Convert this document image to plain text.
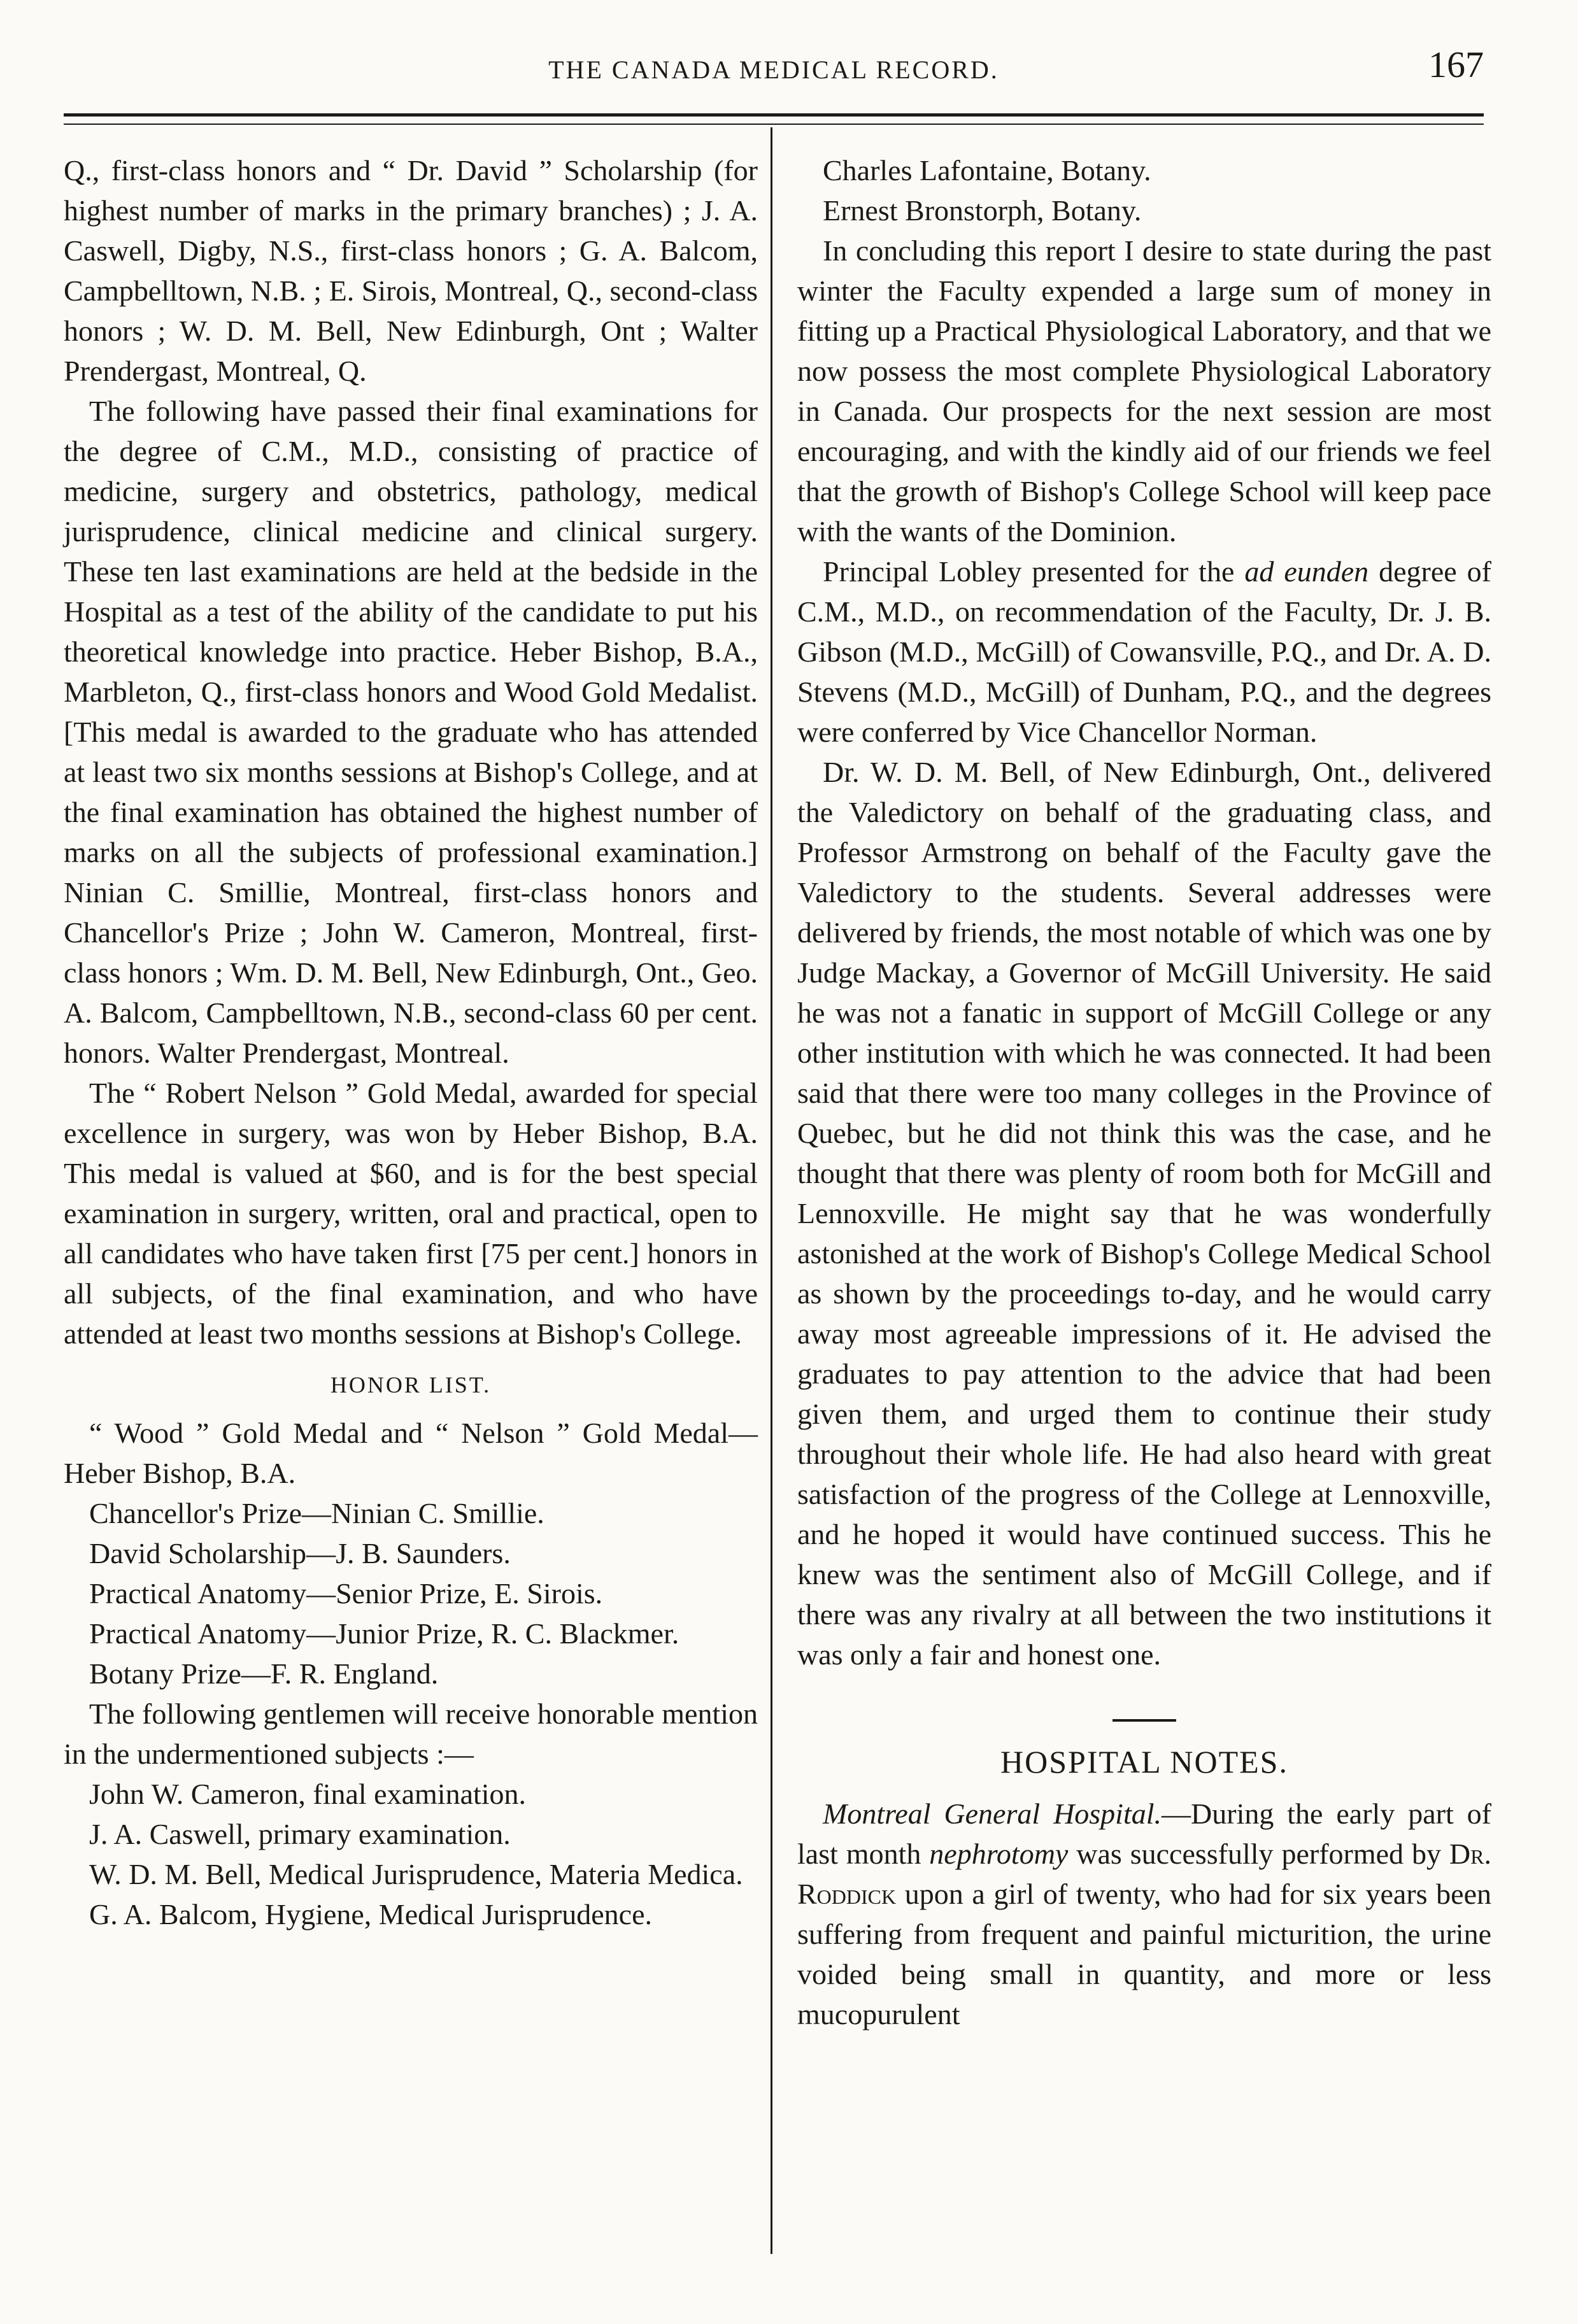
THE CANADA MEDICAL RECORD.	167

Q., first-class honors and “ Dr. David ” Scholarship (for highest number of marks in the primary branches) ; J. A. Caswell, Digby, N.S., first-class honors ; G. A. Balcom, Campbelltown, N.B. ; E. Sirois, Montreal, Q., second-class honors ; W. D. M. Bell, New Edinburgh, Ont ; Walter Prendergast, Montreal, Q.

The following have passed their final examinations for the degree of C.M., M.D., consisting of practice of medicine, surgery and obstetrics, pathology, medical jurisprudence, clinical medicine and clinical surgery. These ten last examinations are held at the bedside in the Hospital as a test of the ability of the candidate to put his theoretical knowledge into practice. Heber Bishop, B.A., Marbleton, Q., first-class honors and Wood Gold Medalist. [This medal is awarded to the graduate who has attended at least two six months sessions at Bishop's College, and at the final examination has obtained the highest number of marks on all the subjects of professional examination.] Ninian C. Smillie, Montreal, first-class honors and Chancellor's Prize ; John W. Cameron, Montreal, first-class honors ; Wm. D. M. Bell, New Edinburgh, Ont., Geo. A. Balcom, Campbelltown, N.B., second-class 60 per cent. honors. Walter Prendergast, Montreal.

The “ Robert Nelson ” Gold Medal, awarded for special excellence in surgery, was won by Heber Bishop, B.A. This medal is valued at $60, and is for the best special examination in surgery, written, oral and practical, open to all candidates who have taken first [75 per cent.] honors in all subjects, of the final examination, and who have attended at least two months sessions at Bishop's College.

HONOR LIST.

“ Wood ” Gold Medal and “ Nelson ” Gold Medal—Heber Bishop, B.A.

Chancellor's Prize—Ninian C. Smillie.

David Scholarship—J. B. Saunders.

Practical Anatomy—Senior Prize, E. Sirois.

Practical Anatomy—Junior Prize, R. C. Blackmer.

Botany Prize—F. R. England.

The following gentlemen will receive honorable mention in the undermentioned subjects :—

John W. Cameron, final examination.

J. A. Caswell, primary examination.

W. D. M. Bell, Medical Jurisprudence, Materia Medica.

G. A. Balcom, Hygiene, Medical Jurisprudence.

Charles Lafontaine, Botany.

Ernest Bronstorph, Botany.

In concluding this report I desire to state during the past winter the Faculty expended a large sum of money in fitting up a Practical Physiological Laboratory, and that we now possess the most complete Physiological Laboratory in Canada. Our prospects for the next session are most encouraging, and with the kindly aid of our friends we feel that the growth of Bishop's College School will keep pace with the wants of the Dominion.

Principal Lobley presented for the ad eunden degree of C.M., M.D., on recommendation of the Faculty, Dr. J. B. Gibson (M.D., McGill) of Cowansville, P.Q., and Dr. A. D. Stevens (M.D., McGill) of Dunham, P.Q., and the degrees were conferred by Vice Chancellor Norman.

Dr. W. D. M. Bell, of New Edinburgh, Ont., delivered the Valedictory on behalf of the graduating class, and Professor Armstrong on behalf of the Faculty gave the Valedictory to the students. Several addresses were delivered by friends, the most notable of which was one by Judge Mackay, a Governor of McGill University. He said he was not a fanatic in support of McGill College or any other institution with which he was connected. It had been said that there were too many colleges in the Province of Quebec, but he did not think this was the case, and he thought that there was plenty of room both for McGill and Lennoxville. He might say that he was wonderfully astonished at the work of Bishop's College Medical School as shown by the proceedings to-day, and he would carry away most agreeable impressions of it. He advised the graduates to pay attention to the advice that had been given them, and urged them to continue their study throughout their whole life. He had also heard with great satisfaction of the progress of the College at Lennoxville, and he hoped it would have continued success. This he knew was the sentiment also of McGill College, and if there was any rivalry at all between the two institutions it was only a fair and honest one.

HOSPITAL NOTES.

Montreal General Hospital.—During the early part of last month nephrotomy was successfully performed by Dr. Roddick upon a girl of twenty, who had for six years been suffering from frequent and painful micturition, the urine voided being small in quantity, and more or less mucopurulent
